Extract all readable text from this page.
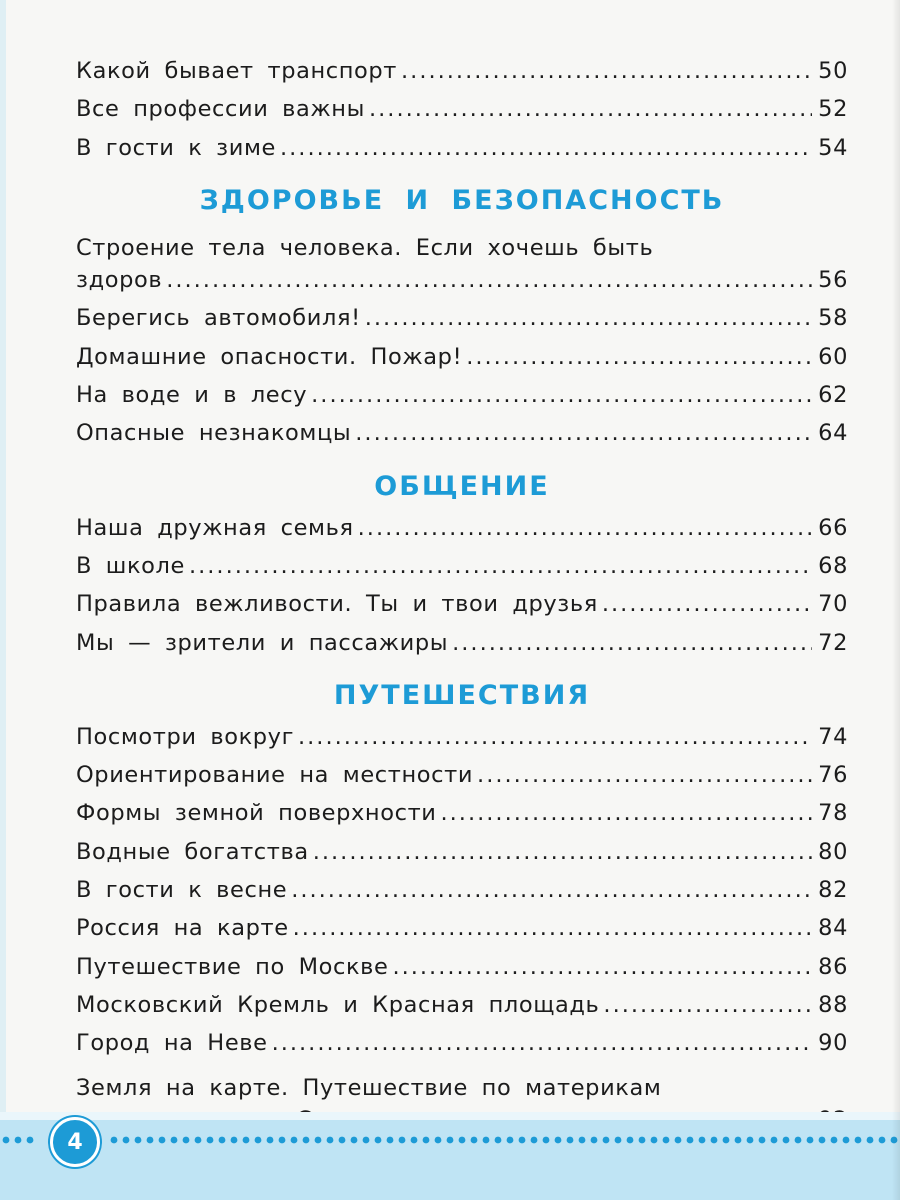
Какой бывает транспорт .....	50
Все профессии важны .....	52
В гости к зиме .....	54
ЗДОРОВЬЕ И БЕЗОПАСНОСТЬ
Строение тела человека. Если хочешь быть
здоров .....	56
Берегись автомобиля! .....	58
Домашние опасности. Пожар! .....	60
На воде и в лесу .....	62
Опасные незнакомцы .....	64
ОБЩЕНИЕ
Наша дружная семья .....	66
В школе .....	68
Правила вежливости. Ты и твои друзья .....	70
Мы — зрители и пассажиры .....	72
ПУТЕШЕСТВИЯ
Посмотри вокруг .....	74
Ориентирование на местности .....	76
Формы земной поверхности .....	78
Водные богатства .....	80
В гости к весне .....	82
Россия на карте .....	84
Путешествие по Москве .....	86
Московский Кремль и Красная площадь .....	88
Город на Неве .....	90
Земля на карте. Путешествие по материкам
.....
.....
4
